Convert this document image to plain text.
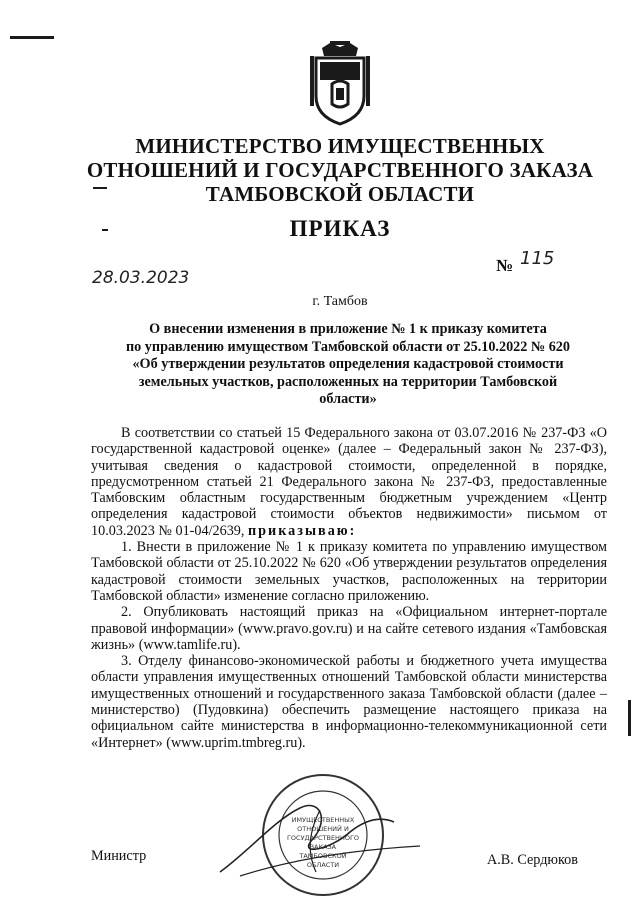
МИНИСТЕРСТВО ИМУЩЕСТВЕННЫХ
ОТНОШЕНИЙ И ГОСУДАРСТВЕННОГО ЗАКАЗА
ТАМБОВСКОЙ ОБЛАСТИ
ПРИКАЗ
28.03.2023
№ 115
г. Тамбов
О внесении изменения в приложение № 1 к приказу комитета
по управлению имуществом Тамбовской области от 25.10.2022 № 620
«Об утверждении результатов определения кадастровой стоимости
земельных участков, расположенных на территории Тамбовской
области»

В соответствии со статьей 15 Федерального закона от 03.07.2016 № 237-ФЗ «О государственной кадастровой оценке» (далее – Федеральный закон № 237-ФЗ), учитывая сведения о кадастровой стоимости, определенной в порядке, предусмотренном статьей 21 Федерального закона № 237-ФЗ, предоставленные Тамбовским областным государственным бюджетным учреждением «Центр определения кадастровой стоимости объектов недвижимости» письмом от 10.03.2023 № 01-04/2639, приказываю:

1. Внести в приложение № 1 к приказу комитета по управлению имуществом Тамбовской области от 25.10.2022 № 620 «Об утверждении результатов определения кадастровой стоимости земельных участков, расположенных на территории Тамбовской области» изменение согласно приложению.

2. Опубликовать настоящий приказ на «Официальном интернет-портале правовой информации» (www.pravo.gov.ru) и на сайте сетевого издания «Тамбовская жизнь» (www.tamlife.ru).

3. Отделу финансово-экономической работы и бюджетного учета имущества области управления имущественных отношений Тамбовской области министерства имущественных отношений и государственного заказа Тамбовской области (далее – министерство) (Пудовкина) обеспечить размещение настоящего приказа на официальном сайте министерства в информационно-телекоммуникационной сети «Интернет» (www.uprim.tmbreg.ru).

ИМУЩЕСТВЕННЫХ
ОТНОШЕНИЙ И
ГОСУДАРСТВЕННОГО
ЗАКАЗА
ТАМБОВСКОЙ
ОБЛАСТИ
Министр	А.В. Сердюков
